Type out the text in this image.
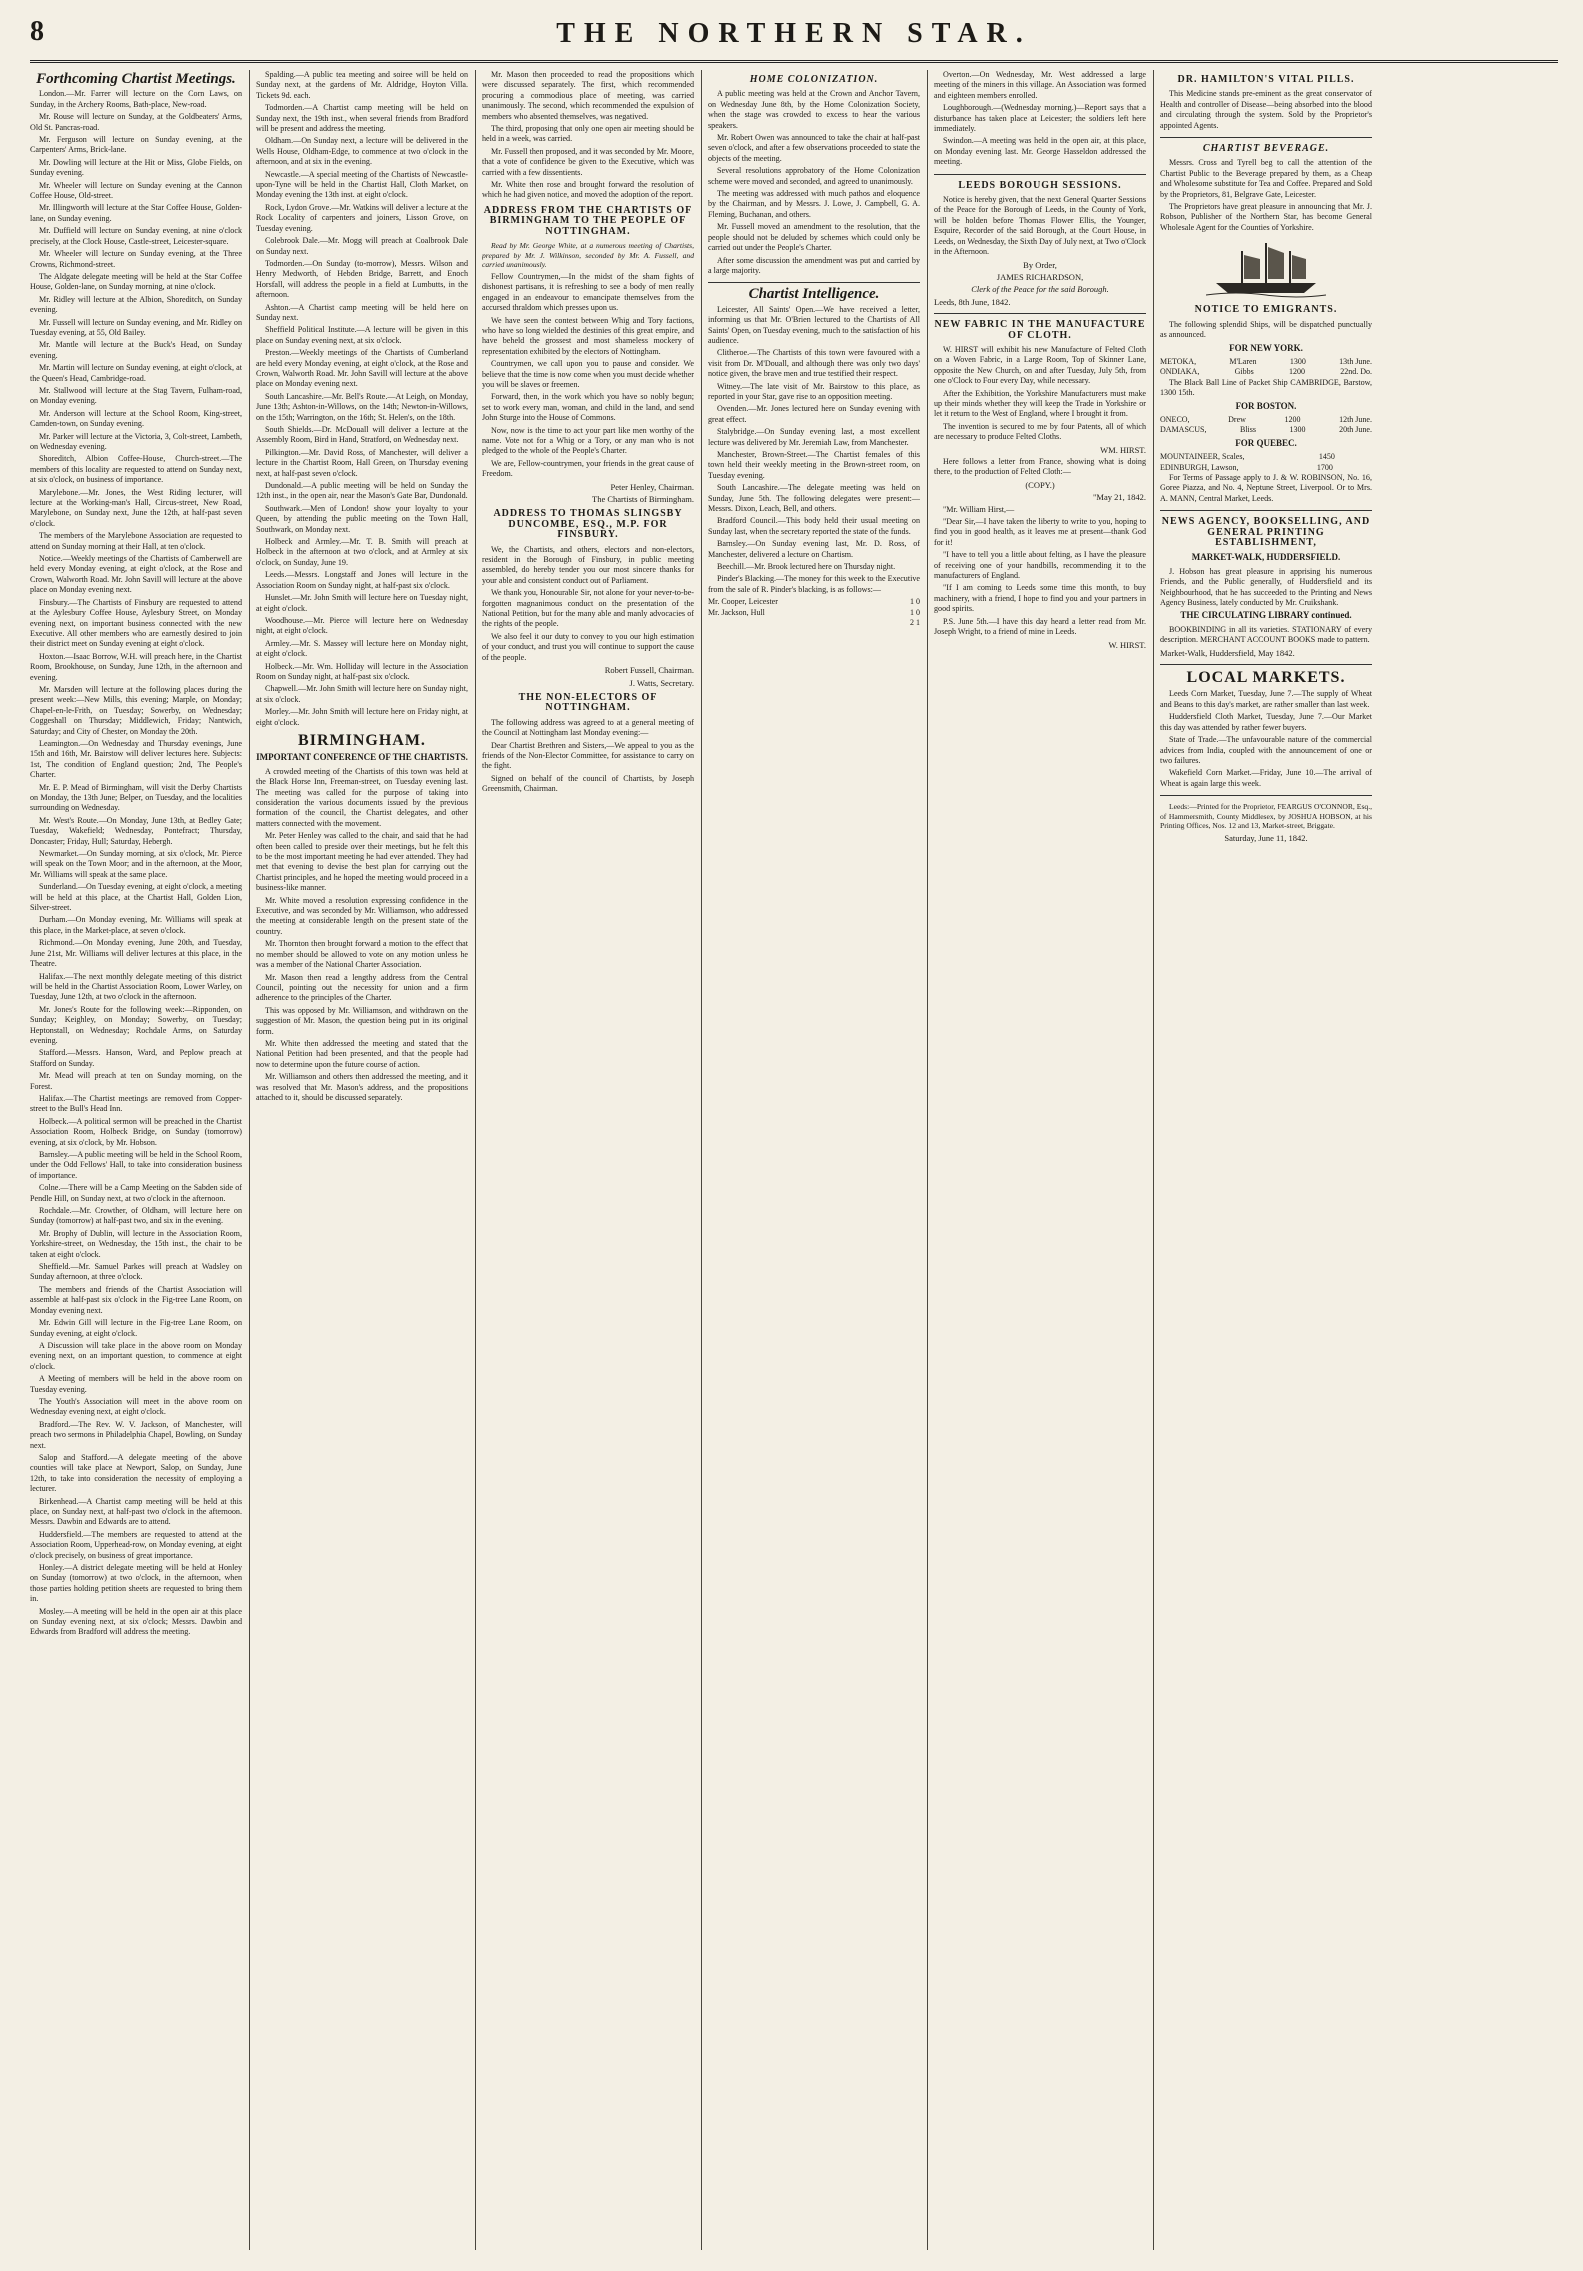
8	THE NORTHERN STAR.
Forthcoming Chartist Meetings.

London.—Mr. Farrer will lecture on the Corn Laws, on Sunday, in the Archery Rooms, Bath-place, New-road.

Mr. Rouse will lecture on Sunday, at the Goldbeaters' Arms, Old St. Pancras-road.

Mr. Ferguson will lecture on Sunday evening, at the Carpenters' Arms, Brick-lane.

Mr. Dowling will lecture at the Hit or Miss, Globe Fields, on Sunday evening.

Mr. Wheeler will lecture on Sunday evening at the Cannon Coffee House, Old-street.

Mr. Illingworth will lecture at the Star Coffee House, Golden-lane, on Sunday evening.

Mr. Duffield will lecture on Sunday evening, at nine o'clock precisely, at the Clock House, Castle-street, Leicester-square.

Mr. Wheeler will lecture on Sunday evening, at the Three Crowns, Richmond-street.

The Aldgate delegate meeting will be held at the Star Coffee House, Golden-lane, on Sunday morning, at nine o'clock.

Mr. Ridley will lecture at the Albion, Shoreditch, on Sunday evening.

Mr. Fussell will lecture on Sunday evening, and Mr. Ridley on Tuesday evening, at 55, Old Bailey.

Mr. Mantle will lecture at the Buck's Head, on Sunday evening.

Mr. Martin will lecture on Sunday evening, at eight o'clock, at the Queen's Head, Cambridge-road.

Mr. Stallwood will lecture at the Stag Tavern, Fulham-road, on Monday evening.

Mr. Anderson will lecture at the School Room, King-street, Camden-town, on Sunday evening.

Mr. Parker will lecture at the Victoria, 3, Colt-street, Lambeth, on Wednesday evening.

Shoreditch, Albion Coffee-House, Church-street.—The members of this locality are requested to attend on Sunday next, at six o'clock, on business of importance.

Marylebone.—Mr. Jones, the West Riding lecturer, will lecture at the Working-man's Hall, Circus-street, New Road, Marylebone, on Sunday next, June the 12th, at half-past seven o'clock.

The members of the Marylebone Association are requested to attend on Sunday morning at their Hall, at ten o'clock.

Notice.—Weekly meetings of the Chartists of Camberwell are held every Monday evening, at eight o'clock, at the Rose and Crown, Walworth Road. Mr. John Savill will lecture at the above place on Monday evening next.

Finsbury.—The Chartists of Finsbury are requested to attend at the Aylesbury Coffee House, Aylesbury Street, on Monday evening next, on important business connected with the new Executive. All other members who are earnestly desired to join their district meet on Sunday evening at eight o'clock.

Hoxton.—Isaac Borrow, W.H. will preach here, in the Chartist Room, Brookhouse, on Sunday, June 12th, in the afternoon and evening.

Mr. Marsden will lecture at the following places during the present week:—New Mills, this evening; Marple, on Monday; Chapel-en-le-Frith, on Tuesday; Sowerby, on Wednesday; Coggeshall on Thursday; Middlewich, Friday; Nantwich, Saturday; and City of Chester, on Monday the 20th.

Leamington.—On Wednesday and Thursday evenings, June 15th and 16th, Mr. Bairstow will deliver lectures here. Subjects: 1st, The condition of England question; 2nd, The People's Charter.

Mr. E. P. Mead of Birmingham, will visit the Derby Chartists on Monday, the 13th June; Belper, on Tuesday, and the localities surrounding on Wednesday.

Mr. West's Route.—On Monday, June 13th, at Bedley Gate; Tuesday, Wakefield; Wednesday, Pontefract; Thursday, Doncaster; Friday, Hull; Saturday, Hebergh.

Newmarket.—On Sunday morning, at six o'clock, Mr. Pierce will speak on the Town Moor; and in the afternoon, at the Moor, Mr. Williams will speak at the same place.

Sunderland.—On Tuesday evening, at eight o'clock, a meeting will be held at this place, at the Chartist Hall, Golden Lion, Silver-street.

Durham.—On Monday evening, Mr. Williams will speak at this place, in the Market-place, at seven o'clock.

Richmond.—On Monday evening, June 20th, and Tuesday, June 21st, Mr. Williams will deliver lectures at this place, in the Theatre.

Halifax.—The next monthly delegate meeting of this district will be held in the Chartist Association Room, Lower Warley, on Tuesday, June 12th, at two o'clock in the afternoon.

Mr. Jones's Route for the following week:—Ripponden, on Sunday; Keighley, on Monday; Sowerby, on Tuesday; Heptonstall, on Wednesday; Rochdale Arms, on Saturday evening.

Stafford.—Messrs. Hanson, Ward, and Peplow preach at Stafford on Sunday.

Mr. Mead will preach at ten on Sunday morning, on the Forest.

Halifax.—The Chartist meetings are removed from Copper-street to the Bull's Head Inn.

Holbeck.—A political sermon will be preached in the Chartist Association Room, Holbeck Bridge, on Sunday (tomorrow) evening, at six o'clock, by Mr. Hobson.

Barnsley.—A public meeting will be held in the School Room, under the Odd Fellows' Hall, to take into consideration business of importance.

Colne.—There will be a Camp Meeting on the Sabden side of Pendle Hill, on Sunday next, at two o'clock in the afternoon.

Rochdale.—Mr. Crowther, of Oldham, will lecture here on Sunday (tomorrow) at half-past two, and six in the evening.

Mr. Brophy of Dublin, will lecture in the Association Room, Yorkshire-street, on Wednesday, the 15th inst., the chair to be taken at eight o'clock.

Sheffield.—Mr. Samuel Parkes will preach at Wadsley on Sunday afternoon, at three o'clock.

The members and friends of the Chartist Association will assemble at half-past six o'clock in the Fig-tree Lane Room, on Monday evening next.

Mr. Edwin Gill will lecture in the Fig-tree Lane Room, on Sunday evening, at eight o'clock.

A Discussion will take place in the above room on Monday evening next, on an important question, to commence at eight o'clock.

A Meeting of members will be held in the above room on Tuesday evening.

The Youth's Association will meet in the above room on Wednesday evening next, at eight o'clock.

Bradford.—The Rev. W. V. Jackson, of Manchester, will preach two sermons in Philadelphia Chapel, Bowling, on Sunday next.

Salop and Stafford.—A delegate meeting of the above counties will take place at Newport, Salop, on Sunday, June 12th, to take into consideration the necessity of employing a lecturer.

Birkenhead.—A Chartist camp meeting will be held at this place, on Sunday next, at half-past two o'clock in the afternoon. Messrs. Dawbin and Edwards are to attend.

Huddersfield.—The members are requested to attend at the Association Room, Upperhead-row, on Monday evening, at eight o'clock precisely, on business of great importance.

Honley.—A district delegate meeting will be held at Honley on Sunday (tomorrow) at two o'clock, in the afternoon, when those parties holding petition sheets are requested to bring them in.

Mosley.—A meeting will be held in the open air at this place on Sunday evening next, at six o'clock; Messrs. Dawbin and Edwards from Bradford will address the meeting.

Spalding.—A public tea meeting and soiree will be held on Sunday next, at the gardens of Mr. Aldridge, Hoyton Villa. Tickets 9d. each.

Todmorden.—A Chartist camp meeting will be held on Sunday next, the 19th inst., when several friends from Bradford will be present and address the meeting.

Oldham.—On Sunday next, a lecture will be delivered in the Wells House, Oldham-Edge, to commence at two o'clock in the afternoon, and at six in the evening.

Newcastle.—A special meeting of the Chartists of Newcastle-upon-Tyne will be held in the Chartist Hall, Cloth Market, on Monday evening the 13th inst. at eight o'clock.

Rock, Lydon Grove.—Mr. Watkins will deliver a lecture at the Rock Locality of carpenters and joiners, Lisson Grove, on Tuesday evening.

Colebrook Dale.—Mr. Mogg will preach at Coalbrook Dale on Sunday next.

Todmorden.—On Sunday (to-morrow), Messrs. Wilson and Henry Medworth, of Hebden Bridge, Barrett, and Enoch Horsfall, will address the people in a field at Lumbutts, in the afternoon.

Ashton.—A Chartist camp meeting will be held here on Sunday next.

Sheffield Political Institute.—A lecture will be given in this place on Sunday evening next, at six o'clock.

Preston.—Weekly meetings of the Chartists of Cumberland are held every Monday evening, at eight o'clock, at the Rose and Crown, Walworth Road. Mr. John Savill will lecture at the above place on Monday evening next.

South Lancashire.—Mr. Bell's Route.—At Leigh, on Monday, June 13th; Ashton-in-Willows, on the 14th; Newton-in-Willows, on the 15th; Warrington, on the 16th; St. Helen's, on the 18th.

South Shields.—Dr. McDouall will deliver a lecture at the Assembly Room, Bird in Hand, Stratford, on Wednesday next.

Pilkington.—Mr. David Ross, of Manchester, will deliver a lecture in the Chartist Room, Hall Green, on Thursday evening next, at half-past seven o'clock.

Dundonald.—A public meeting will be held on Sunday the 12th inst., in the open air, near the Mason's Gate Bar, Dundonald.

Southwark.—Men of London! show your loyalty to your Queen, by attending the public meeting on the Town Hall, Southwark, on Monday next.

Holbeck and Armley.—Mr. T. B. Smith will preach at Holbeck in the afternoon at two o'clock, and at Armley at six o'clock, on Sunday, June 19.

Leeds.—Messrs. Longstaff and Jones will lecture in the Association Room on Sunday night, at half-past six o'clock.

Hunslet.—Mr. John Smith will lecture here on Tuesday night, at eight o'clock.

Woodhouse.—Mr. Pierce will lecture here on Wednesday night, at eight o'clock.

Armley.—Mr. S. Massey will lecture here on Monday night, at eight o'clock.

Holbeck.—Mr. Wm. Holliday will lecture in the Association Room on Sunday night, at half-past six o'clock.

Chapwell.—Mr. John Smith will lecture here on Sunday night, at six o'clock.

Morley.—Mr. John Smith will lecture here on Friday night, at eight o'clock.

BIRMINGHAM.
IMPORTANT CONFERENCE OF THE CHARTISTS.

A crowded meeting of the Chartists of this town was held at the Black Horse Inn, Freeman-street, on Tuesday evening last. The meeting was called for the purpose of taking into consideration the various documents issued by the previous formation of the council, the Chartist delegates, and other matters connected with the movement.

Mr. Peter Henley was called to the chair, and said that he had often been called to preside over their meetings, but he felt this to be the most important meeting he had ever attended. They had met that evening to devise the best plan for carrying out the Chartist principles, and he hoped the meeting would proceed in a business-like manner.

Mr. White moved a resolution expressing confidence in the Executive, and was seconded by Mr. Williamson, who addressed the meeting at considerable length on the present state of the country.

Mr. Thornton then brought forward a motion to the effect that no member should be allowed to vote on any motion unless he was a member of the National Charter Association.

Mr. Mason then read a lengthy address from the Central Council, pointing out the necessity for union and a firm adherence to the principles of the Charter.

This was opposed by Mr. Williamson, and withdrawn on the suggestion of Mr. Mason, the question being put in its original form.

Mr. White then addressed the meeting and stated that the National Petition had been presented, and that the people had now to determine upon the future course of action.

Mr. Williamson and others then addressed the meeting, and it was resolved that Mr. Mason's address, and the propositions attached to it, should be discussed separately.

Mr. Mason then proceeded to read the propositions which were discussed separately. The first, which recommended procuring a commodious place of meeting, was carried unanimously. The second, which recommended the expulsion of members who absented themselves, was negatived.

The third, proposing that only one open air meeting should be held in a week, was carried.

Mr. Fussell then proposed, and it was seconded by Mr. Moore, that a vote of confidence be given to the Executive, which was carried with a few dissentients.

Mr. White then rose and brought forward the resolution of which he had given notice, and moved the adoption of the report.

ADDRESS FROM THE CHARTISTS OF BIRMINGHAM TO THE PEOPLE OF NOTTINGHAM.

Read by Mr. George White, at a numerous meeting of Chartists, prepared by Mr. J. Wilkinson, seconded by Mr. A. Fussell, and carried unanimously.

Fellow Countrymen,—In the midst of the sham fights of dishonest partisans, it is refreshing to see a body of men really engaged in an endeavour to emancipate themselves from the accursed thraldom which presses upon us.

We have seen the contest between Whig and Tory factions, who have so long wielded the destinies of this great empire, and have beheld the grossest and most shameless mockery of representation exhibited by the electors of Nottingham.

Countrymen, we call upon you to pause and consider. We believe that the time is now come when you must decide whether you will be slaves or freemen.

Forward, then, in the work which you have so nobly begun; set to work every man, woman, and child in the land, and send John Sturge into the House of Commons.

Now, now is the time to act your part like men worthy of the name. Vote not for a Whig or a Tory, or any man who is not pledged to the whole of the People's Charter.

We are, Fellow-countrymen, your friends in the great cause of Freedom.

Peter Henley, Chairman.
The Chartists of Birmingham.
ADDRESS TO THOMAS SLINGSBY DUNCOMBE, ESQ., M.P. FOR FINSBURY.

We, the Chartists, and others, electors and non-electors, resident in the Borough of Finsbury, in public meeting assembled, do hereby tender you our most sincere thanks for your able and consistent conduct out of Parliament.

We thank you, Honourable Sir, not alone for your never-to-be-forgotten magnanimous conduct on the presentation of the National Petition, but for the many able and manly advocacies of the rights of the people.

We also feel it our duty to convey to you our high estimation of your conduct, and trust you will continue to support the cause of the people.

Robert Fussell, Chairman.
J. Watts, Secretary.
THE NON-ELECTORS OF NOTTINGHAM.

The following address was agreed to at a general meeting of the Council at Nottingham last Monday evening:—

Dear Chartist Brethren and Sisters,—We appeal to you as the friends of the Non-Elector Committee, for assistance to carry on the fight.

Signed on behalf of the council of Chartists, by Joseph Greensmith, Chairman.

HOME COLONIZATION.

A public meeting was held at the Crown and Anchor Tavern, on Wednesday June 8th, by the Home Colonization Society, when the stage was crowded to excess to hear the various speakers.

Mr. Robert Owen was announced to take the chair at half-past seven o'clock, and after a few observations proceeded to state the objects of the meeting.

Several resolutions approbatory of the Home Colonization scheme were moved and seconded, and agreed to unanimously.

The meeting was addressed with much pathos and eloquence by the Chairman, and by Messrs. J. Lowe, J. Campbell, G. A. Fleming, Buchanan, and others.

Mr. Fussell moved an amendment to the resolution, that the people should not be deluded by schemes which could only be carried out under the People's Charter.

After some discussion the amendment was put and carried by a large majority.

Chartist Intelligence.

Leicester, All Saints' Open.—We have received a letter, informing us that Mr. O'Brien lectured to the Chartists of All Saints' Open, on Tuesday evening, much to the satisfaction of his audience.

Clitheroe.—The Chartists of this town were favoured with a visit from Dr. M'Douall, and although there was only two days' notice given, the brave men and true testified their respect.

Witney.—The late visit of Mr. Bairstow to this place, as reported in your Star, gave rise to an opposition meeting.

Ovenden.—Mr. Jones lectured here on Sunday evening with great effect.

Stalybridge.—On Sunday evening last, a most excellent lecture was delivered by Mr. Jeremiah Law, from Manchester.

Manchester, Brown-Street.—The Chartist females of this town held their weekly meeting in the Brown-street room, on Tuesday evening.

South Lancashire.—The delegate meeting was held on Sunday, June 5th. The following delegates were present:—Messrs. Dixon, Leach, Bell, and others.

Bradford Council.—This body held their usual meeting on Sunday last, when the secretary reported the state of the funds.

Barnsley.—On Sunday evening last, Mr. D. Ross, of Manchester, delivered a lecture on Chartism.

Beechill.—Mr. Brook lectured here on Thursday night.

Pinder's Blacking.—The money for this week to the Executive from the sale of R. Pinder's blacking, is as follows:—

Mr. Cooper, Leicester	1 0
Mr. Jackson, Hull	1 0
2 1

Overton.—On Wednesday, Mr. West addressed a large meeting of the miners in this village. An Association was formed and eighteen members enrolled.

Loughborough.—(Wednesday morning.)—Report says that a disturbance has taken place at Leicester; the soldiers left here immediately.

Swindon.—A meeting was held in the open air, at this place, on Monday evening last. Mr. George Hasseldon addressed the meeting.

LEEDS BOROUGH SESSIONS.

Notice is hereby given, that the next General Quarter Sessions of the Peace for the Borough of Leeds, in the County of York, will be holden before Thomas Flower Ellis, the Younger, Esquire, Recorder of the said Borough, at the Court House, in Leeds, on Wednesday, the Sixth Day of July next, at Two o'Clock in the Afternoon.

By Order,
JAMES RICHARDSON,
Clerk of the Peace for the said Borough.
Leeds, 8th June, 1842.
NEW FABRIC IN THE MANUFACTURE OF CLOTH.

W. HIRST will exhibit his new Manufacture of Felted Cloth on a Woven Fabric, in a Large Room, Top of Skinner Lane, opposite the New Church, on and after Tuesday, July 5th, from one o'Clock to Four every Day, while necessary.

After the Exhibition, the Yorkshire Manufacturers must make up their minds whether they will keep the Trade in Yorkshire or let it return to the West of England, where I brought it from.

The invention is secured to me by four Patents, all of which are necessary to produce Felted Cloths.

WM. HIRST.

Here follows a letter from France, showing what is doing there, to the production of Felted Cloth:—

(COPY.)
"May 21, 1842.

"Mr. William Hirst,—

"Dear Sir,—I have taken the liberty to write to you, hoping to find you in good health, as it leaves me at present—thank God for it!

"I have to tell you a little about felting, as I have the pleasure of receiving one of your handbills, recommending it to the manufacturers of England.

"If I am coming to Leeds some time this month, to buy machinery, with a friend, I hope to find you and your partners in good spirits.

P.S. June 5th.—I have this day heard a letter read from Mr. Joseph Wright, to a friend of mine in Leeds.

W. HIRST.
DR. HAMILTON'S VITAL PILLS.

This Medicine stands pre-eminent as the great conservator of Health and controller of Disease—being absorbed into the blood and circulating through the system. Sold by the Proprietor's appointed Agents.

CHARTIST BEVERAGE.

Messrs. Cross and Tyrell beg to call the attention of the Chartist Public to the Beverage prepared by them, as a Cheap and Wholesome substitute for Tea and Coffee. Prepared and Sold by the Proprietors, 81, Belgrave Gate, Leicester.

The Proprietors have great pleasure in announcing that Mr. J. Robson, Publisher of the Northern Star, has become General Wholesale Agent for the Counties of Yorkshire.

NOTICE TO EMIGRANTS.

The following splendid Ships, will be dispatched punctually as announced.

FOR NEW YORK.
METOKA,	M'Laren	1300	13th June.
ONDIAKA,	Gibbs	1200	22nd. Do.

The Black Ball Line of Packet Ship CAMBRIDGE, Barstow, 1300 15th.

FOR BOSTON.
ONECO,	Drew	1200	12th June.
DAMASCUS,	Bliss	1300	20th June.
FOR QUEBEC.
MOUNTAINEER, Scales,	1450
EDINBURGH, Lawson,	1700

For Terms of Passage apply to J. & W. ROBINSON, No. 16, Goree Piazza, and No. 4, Neptune Street, Liverpool. Or to Mrs. A. MANN, Central Market, Leeds.

NEWS AGENCY, BOOKSELLING, AND GENERAL PRINTING ESTABLISHMENT,
MARKET-WALK, HUDDERSFIELD.

J. Hobson has great pleasure in apprising his numerous Friends, and the Public generally, of Huddersfield and its Neighbourhood, that he has succeeded to the Printing and News Agency Business, lately conducted by Mr. Cruikshank.

THE CIRCULATING LIBRARY continued.

BOOKBINDING in all its varieties. STATIONARY of every description. MERCHANT ACCOUNT BOOKS made to pattern.

Market-Walk, Huddersfield, May 1842.
LOCAL MARKETS.

Leeds Corn Market, Tuesday, June 7.—The supply of Wheat and Beans to this day's market, are rather smaller than last week.

Huddersfield Cloth Market, Tuesday, June 7.—Our Market this day was attended by rather fewer buyers.

State of Trade.—The unfavourable nature of the commercial advices from India, coupled with the announcement of one or two failures.

Wakefield Corn Market.—Friday, June 10.—The arrival of Wheat is again large this week.

Leeds:—Printed for the Proprietor, FEARGUS O'CONNOR, Esq., of Hammersmith, County Middlesex, by JOSHUA HOBSON, at his Printing Offices, Nos. 12 and 13, Market-street, Briggate.

Saturday, June 11, 1842.
